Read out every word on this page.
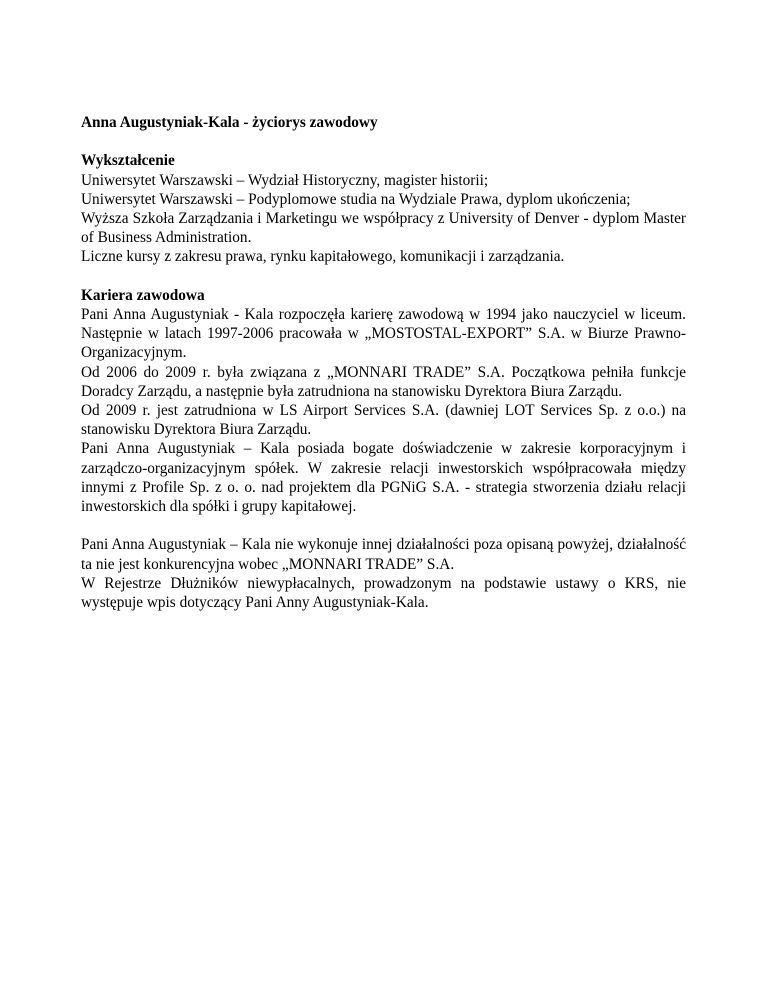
Anna Augustyniak-Kala - życiorys zawodowy

Wykształcenie

Uniwersytet Warszawski – Wydział Historyczny, magister historii;

Uniwersytet Warszawski – Podyplomowe studia na Wydziale Prawa, dyplom ukończenia;

Wyższa Szkoła Zarządzania i Marketingu we współpracy z University of Denver - dyplom Master of Business Administration.

Liczne kursy z zakresu prawa, rynku kapitałowego, komunikacji i zarządzania.

Kariera zawodowa

Pani Anna Augustyniak - Kala rozpoczęła karierę zawodową w 1994 jako nauczyciel w liceum. Następnie w latach 1997-2006 pracowała w „MOSTOSTAL-EXPORT” S.A. w Biurze Prawno-Organizacyjnym.

Od 2006 do 2009 r. była związana z „MONNARI TRADE” S.A. Początkowa pełniła funkcje Doradcy Zarządu, a następnie była zatrudniona na stanowisku Dyrektora Biura Zarządu.

Od 2009 r. jest zatrudniona w LS Airport Services S.A. (dawniej LOT Services Sp. z o.o.) na stanowisku Dyrektora Biura Zarządu.

Pani Anna Augustyniak – Kala posiada bogate doświadczenie w zakresie korporacyjnym i zarządczo-organizacyjnym spółek. W zakresie relacji inwestorskich współpracowała między innymi z Profile Sp. z o. o. nad projektem dla PGNiG S.A. - strategia stworzenia działu relacji inwestorskich dla spółki i grupy kapitałowej.

Pani Anna Augustyniak – Kala nie wykonuje innej działalności poza opisaną powyżej, działalność ta nie jest konkurencyjna wobec „MONNARI TRADE” S.A.

W Rejestrze Dłużników niewypłacalnych, prowadzonym na podstawie ustawy o KRS, nie występuje wpis dotyczący Pani Anny Augustyniak-Kala.
